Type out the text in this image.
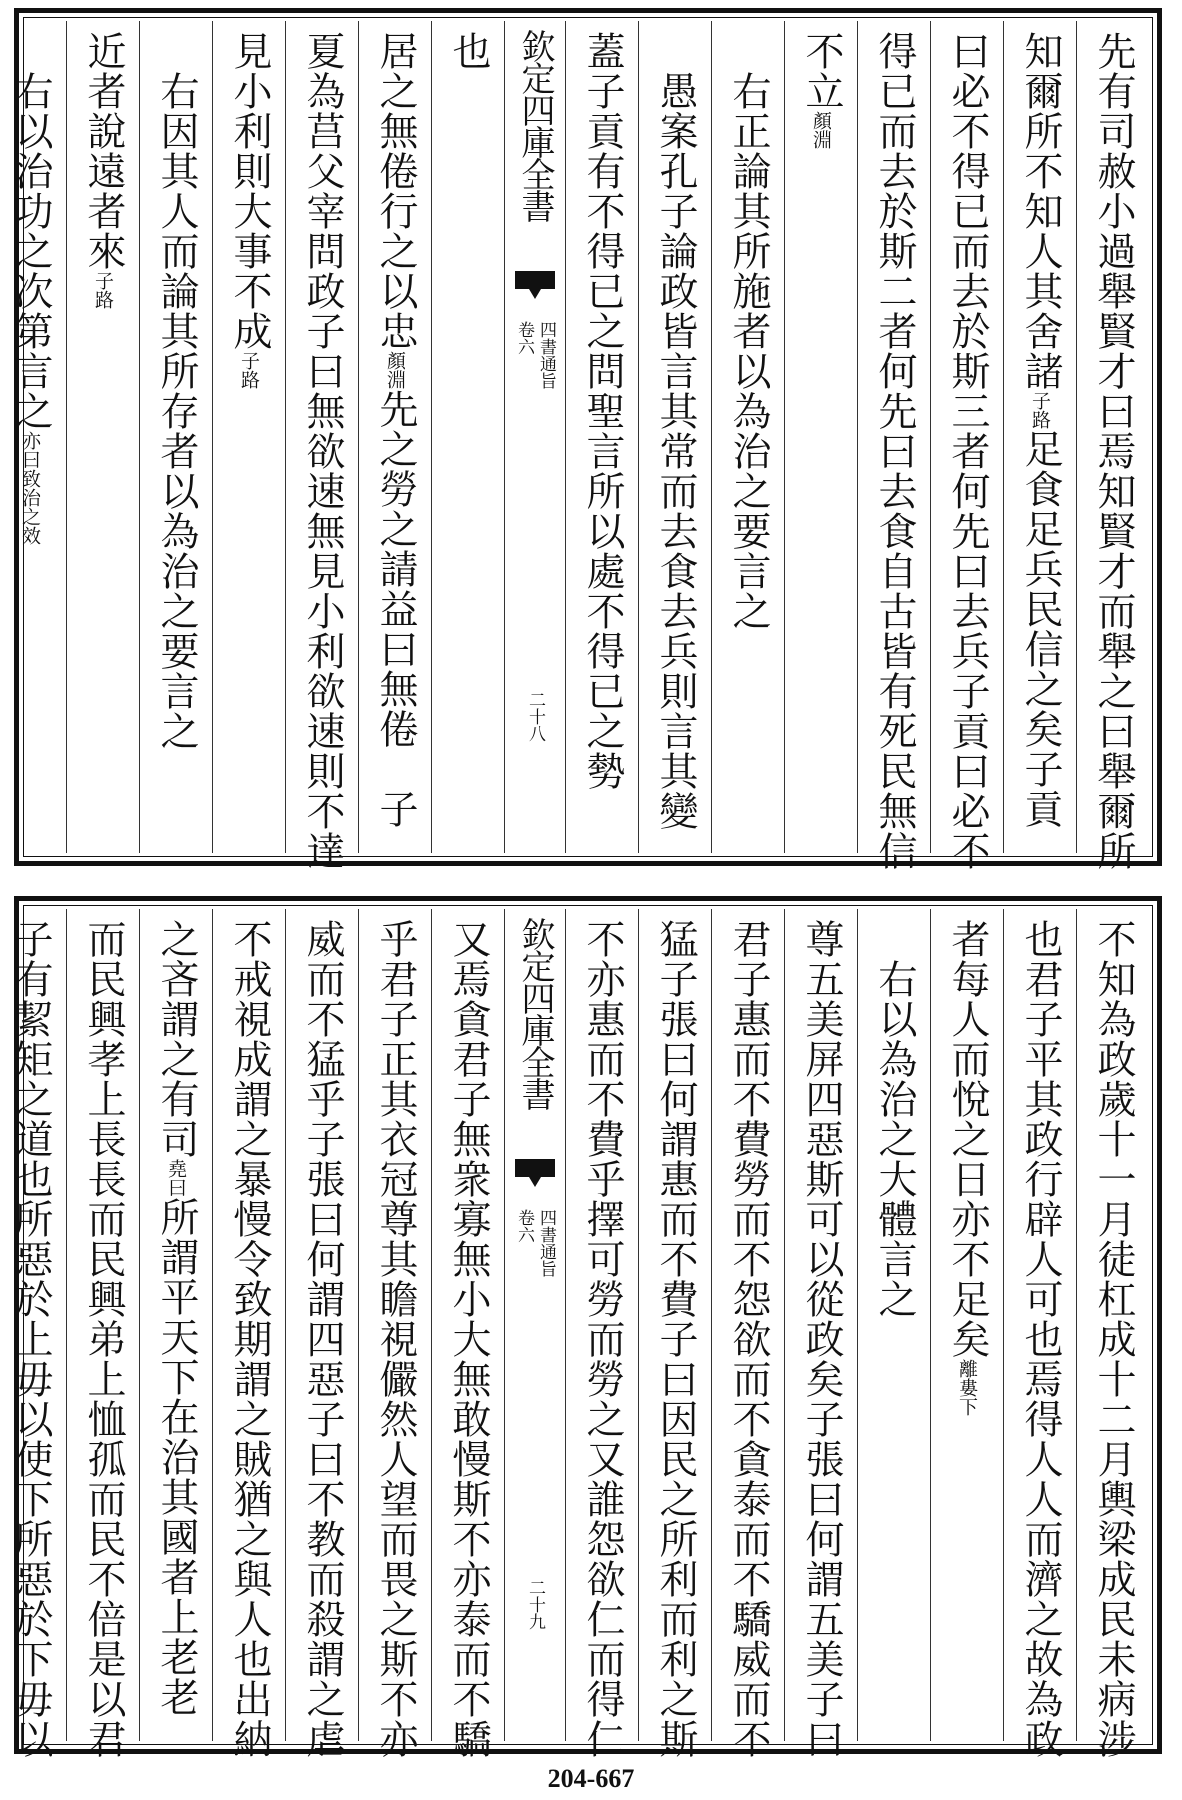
先有司赦小過舉賢才曰焉知賢才而舉之曰舉爾所
知爾所不知人其舍諸子路足食足兵民信之矣子貢
曰必不得已而去於斯三者何先曰去兵子貢曰必不
得已而去於斯二者何先曰去食自古皆有死民無信
不立顏淵
右正論其所施者以為治之要言之
愚案孔子論政皆言其常而去食去兵則言其變
蓋子貢有不得已之問聖言所以處不得已之勢
欽定四庫全書
四書通旨
卷六
二十八
也
居之無倦行之以忠顏淵先之勞之請益曰無倦　子
夏為莒父宰問政子曰無欲速無見小利欲速則不達
見小利則大事不成子路
右因其人而論其所存者以為治之要言之
近者說遠者來子路
右以治功之次第言之亦曰致治之效
不知為政歲十一月徒杠成十二月輿梁成民未病涉
也君子平其政行辟人可也焉得人人而濟之故為政
者每人而悅之日亦不足矣離婁下
右以為治之大體言之
尊五美屏四惡斯可以從政矣子張曰何謂五美子曰
君子惠而不費勞而不怨欲而不貪泰而不驕威而不
猛子張曰何謂惠而不費子曰因民之所利而利之斯
不亦惠而不費乎擇可勞而勞之又誰怨欲仁而得仁
欽定四庫全書
四書通旨
卷六
二十九
又焉貪君子無衆寡無小大無敢慢斯不亦泰而不驕
乎君子正其衣冠尊其瞻視儼然人望而畏之斯不亦
威而不猛乎子張曰何謂四惡子曰不教而殺謂之虐
不戒視成謂之暴慢令致期謂之賊猶之與人也出納
之吝謂之有司堯曰所謂平天下在治其國者上老老
而民興孝上長長而民興弟上恤孤而民不倍是以君
子有絜矩之道也所惡於上毋以使下所惡於下毋以
204-667
